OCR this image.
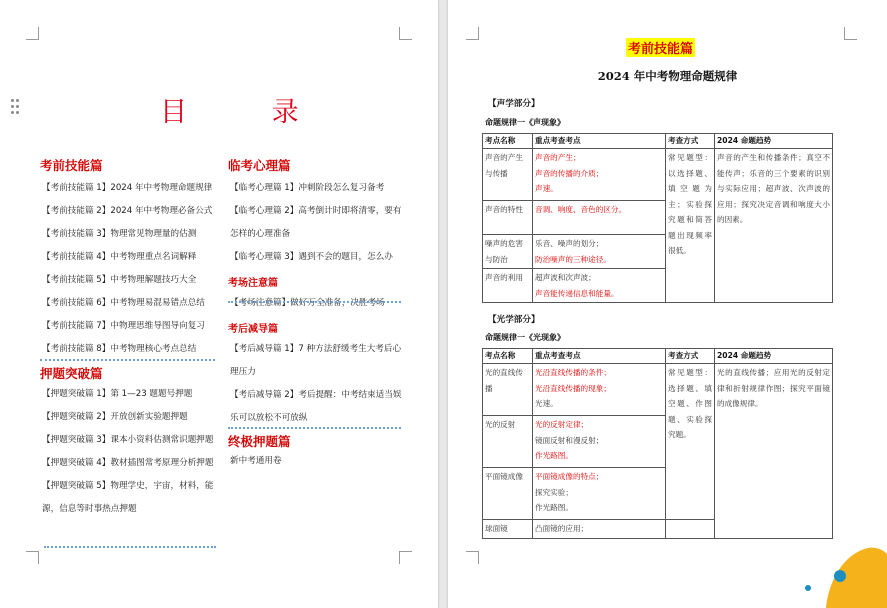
目 录
考前技能篇
【考前技能篇 1】2024 年中考物理命题规律
【考前技能篇 2】2024 年中考物理必备公式
【考前技能篇 3】物理常见物理量的估测
【考前技能篇 4】中考物理重点名词解释
【考前技能篇 5】中考物理解题技巧大全
【考前技能篇 6】中考物理易混易错点总结
【考前技能篇 7】中物理思维导图导向复习
【考前技能篇 8】中考物理核心考点总结
押题突破篇
【押题突破篇 1】第 1—23 题题号押题
【押题突破篇 2】开放创新实验题押题
【押题突破篇 3】课本小资料估测常识题押题
【押题突破篇 4】教材插图常考原理分析押题
【押题突破篇 5】物理学史，宇宙，材料，能
源，信息等时事热点押题
临考心理篇
【临考心理篇 1】冲刺阶段怎么复习备考
【临考心理篇 2】高考倒计时即将清零，要有
怎样的心理准备
【临考心理篇 3】遇到不会的题目，怎么办
考场注意篇
【考场注意篇】做好万全准备，决胜考场
考后减导篇
【考后减导篇 1】7 种方法舒缓考生大考后心
理压力
【考后减导篇 2】考后提醒：中考结束适当娱
乐可以放松不可放纵
终极押题篇
新中考通用卷
考前技能篇
2024 年中考物理命题规律
【声学部分】
命题规律一《声现象》
考点名称	重点考查考点	考查方式	2024 命题趋势
声音的产生与传播	声音的产生；
声音的传播的介质；
声速。	常见题型：以选择题、填空题为主；实验探究题和简答题出现频率很低。	声音的产生和传播条件；真空不能传声；乐音的三个要素的识别与实际应用；超声波、次声波的应用；探究决定音调和响度大小的因素。
声音的特性	音调、响度、音色的区分。		

噪声的危害与防治	乐音、噪声的划分；
防治噪声的三种途径。		

声音的利用	超声波和次声波；
声音能传递信息和能量。		
【光学部分】
命题规律一《光现象》
考点名称	重点考查考点	考查方式	2024 命题趋势
光的直线传播	光沿直线传播的条件；
光沿直线传播的现象；
光速。	常见题型：选择题、填空题、作图题、实验探究题。	光的直线传播；应用光的反射定律和折射规律作图；探究平面镜的成像规律。
光的反射	光的反射定律；
镜面反射和漫反射；
作光路图。		

平面镜成像	平面镜成像的特点；
探究实验；
作光路图。		

球面镜	凸面镜的应用；		
